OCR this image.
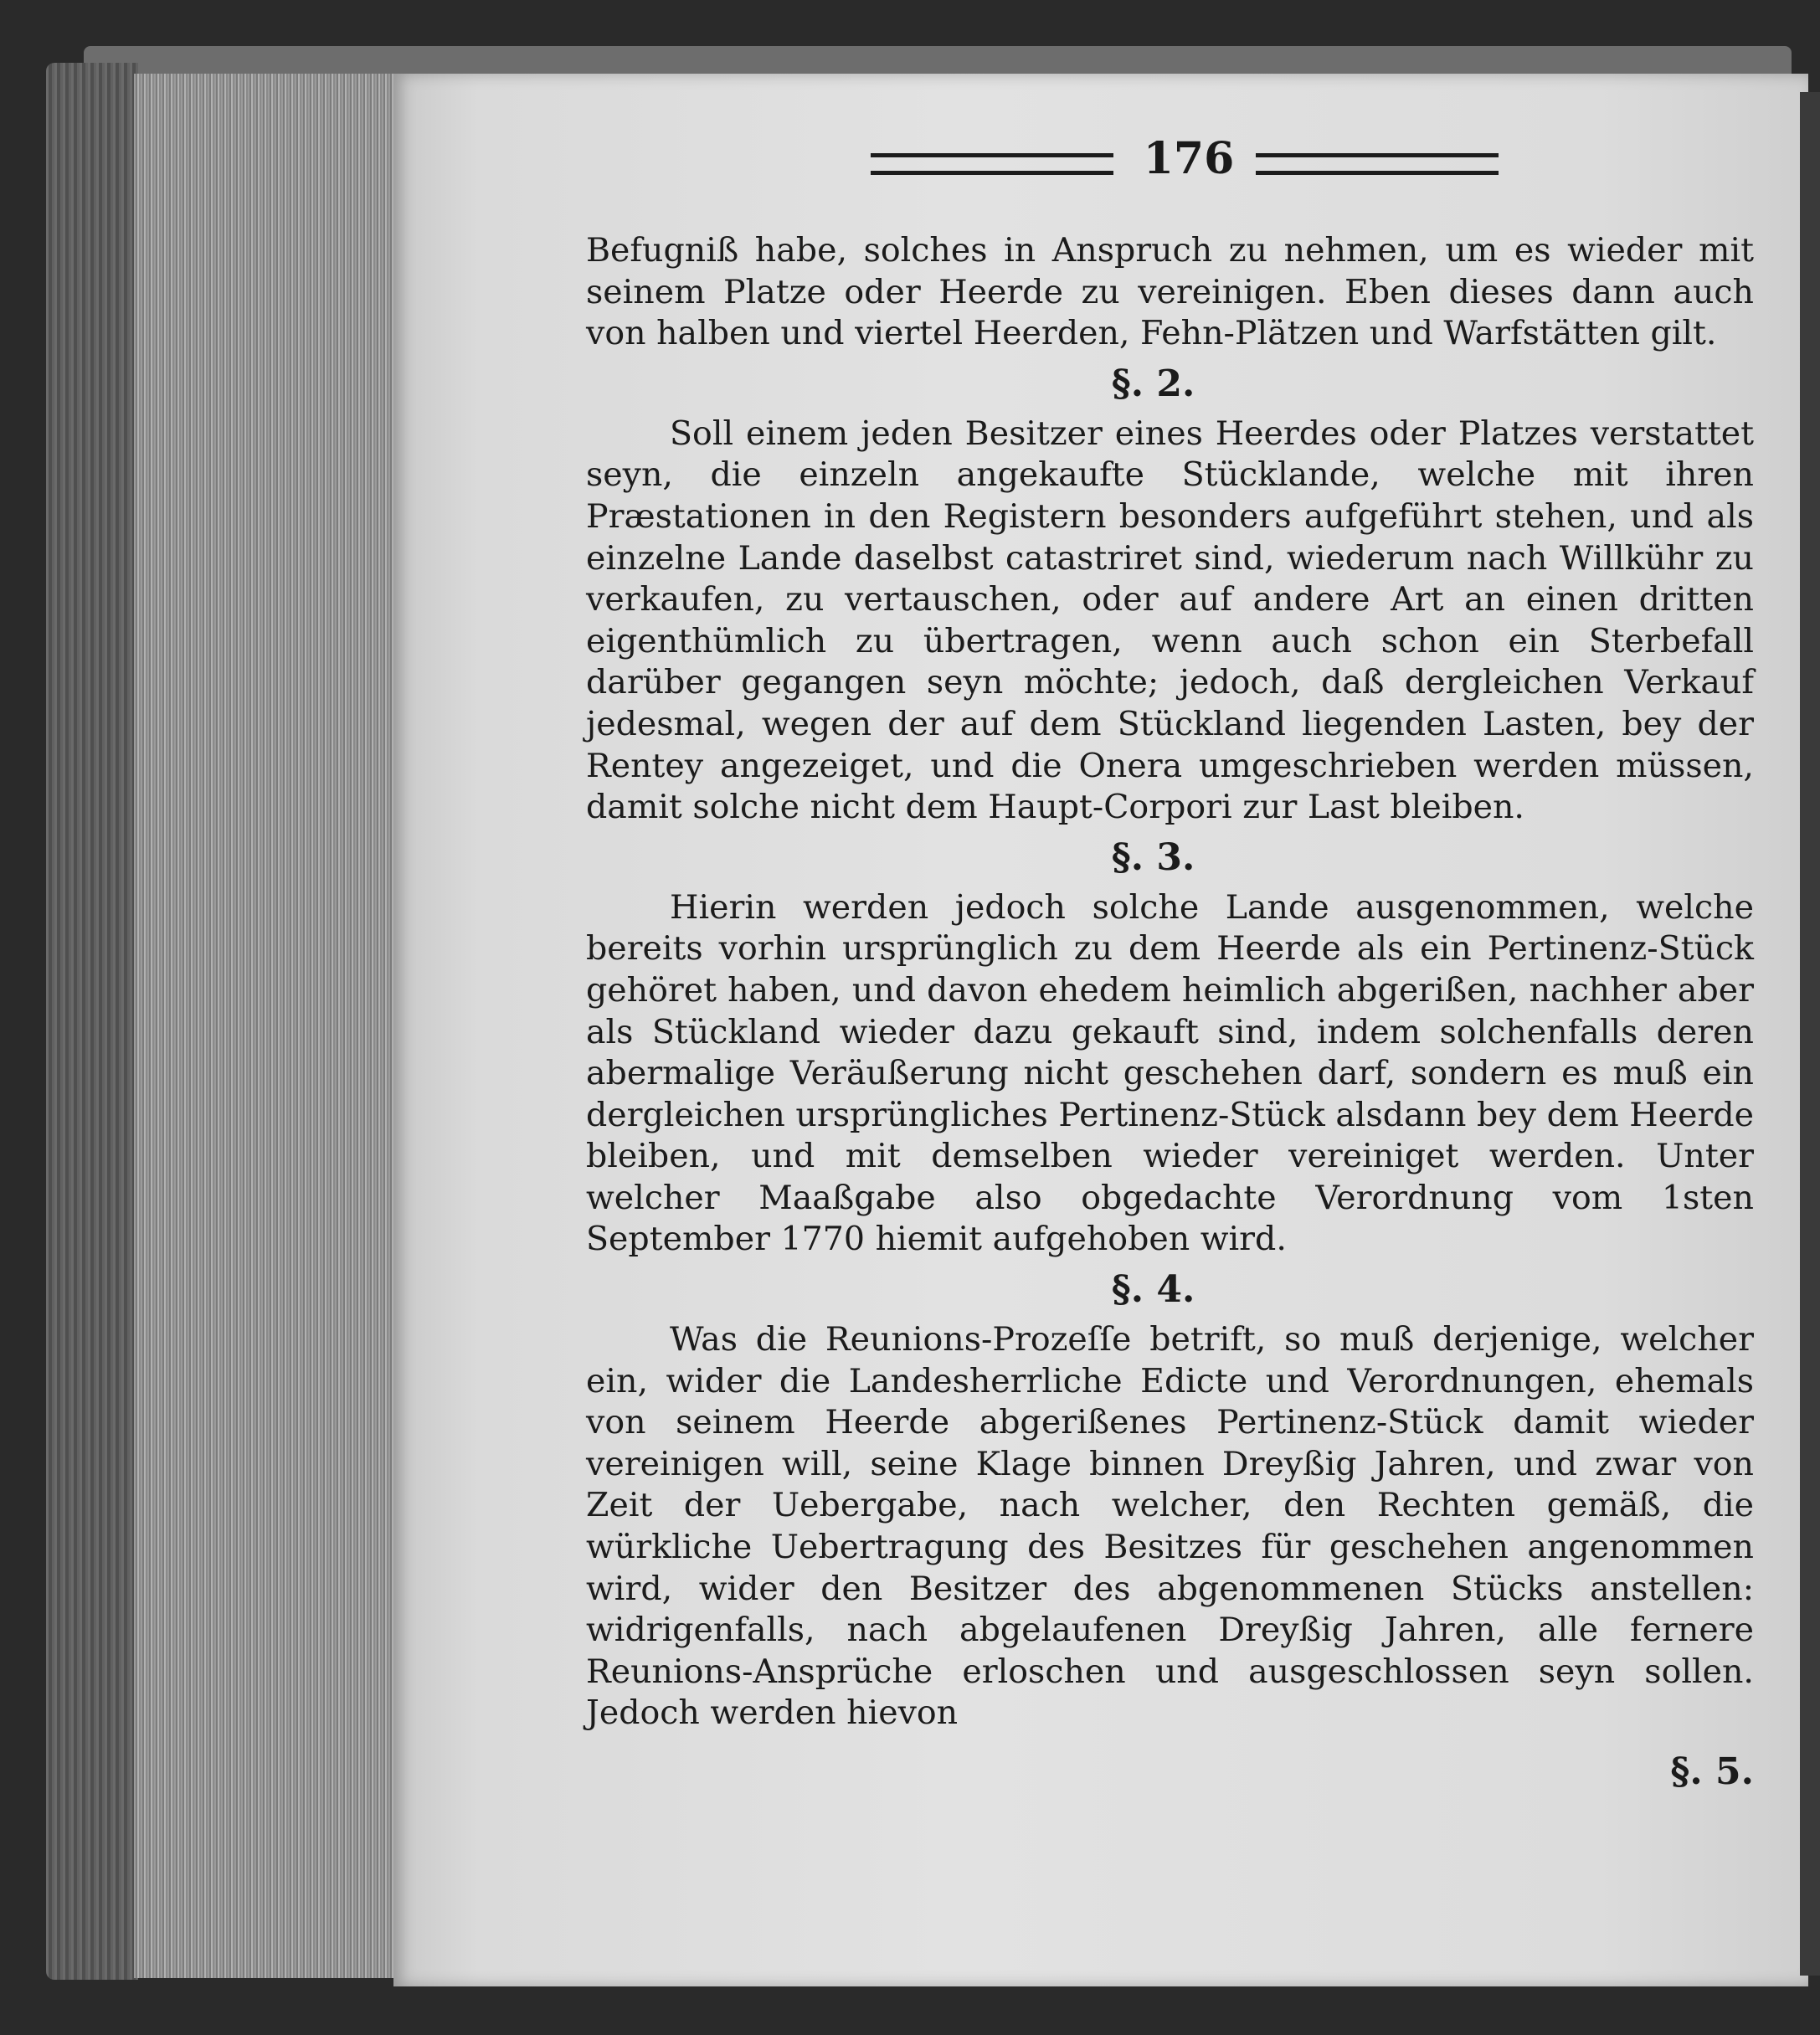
176

Befugniß habe, solches in Anspruch zu nehmen, um es wieder mit seinem Platze oder Heerde zu vereinigen. Eben dieses dann auch von halben und viertel Heerden, Fehn-Plätzen und Warfstätten gilt.

§. 2.

Soll einem jeden Besitzer eines Heerdes oder Platzes verstattet seyn, die einzeln angekaufte Stücklande, welche mit ihren Præstationen in den Registern besonders aufgeführt stehen, und als einzelne Lande daselbst catastriret sind, wiederum nach Willkühr zu verkaufen, zu vertauschen, oder auf andere Art an einen dritten eigenthümlich zu übertragen, wenn auch schon ein Sterbefall darüber gegangen seyn möchte; jedoch, daß dergleichen Verkauf jedesmal, wegen der auf dem Stückland liegenden Lasten, bey der Rentey angezeiget, und die Onera umgeschrieben werden müssen, damit solche nicht dem Haupt-Corpori zur Last bleiben.

§. 3.

Hierin werden jedoch solche Lande ausgenommen, welche bereits vorhin ursprünglich zu dem Heerde als ein Pertinenz-Stück gehöret haben, und davon ehedem heimlich abgerißen, nachher aber als Stückland wieder dazu gekauft sind, indem solchenfalls deren abermalige Veräußerung nicht geschehen darf, sondern es muß ein dergleichen ursprüngliches Pertinenz-Stück alsdann bey dem Heerde bleiben, und mit demselben wieder vereiniget werden. Unter welcher Maaßgabe also obgedachte Verordnung vom 1sten September 1770 hiemit aufgehoben wird.

§. 4.

Was die Reunions-Prozeſſe betrift, so muß derjenige, welcher ein, wider die Landesherrliche Edicte und Verordnungen, ehemals von seinem Heerde abgerißenes Pertinenz-Stück damit wieder vereinigen will, seine Klage binnen Dreyßig Jahren, und zwar von Zeit der Uebergabe, nach welcher, den Rechten gemäß, die würkliche Uebertragung des Besitzes für geschehen angenommen wird, wider den Besitzer des abgenommenen Stücks anstellen: widrigenfalls, nach abgelaufenen Dreyßig Jahren, alle fernere Reunions-Ansprüche erloschen und ausgeschlossen seyn sollen. Jedoch werden hievon

§. 5.
